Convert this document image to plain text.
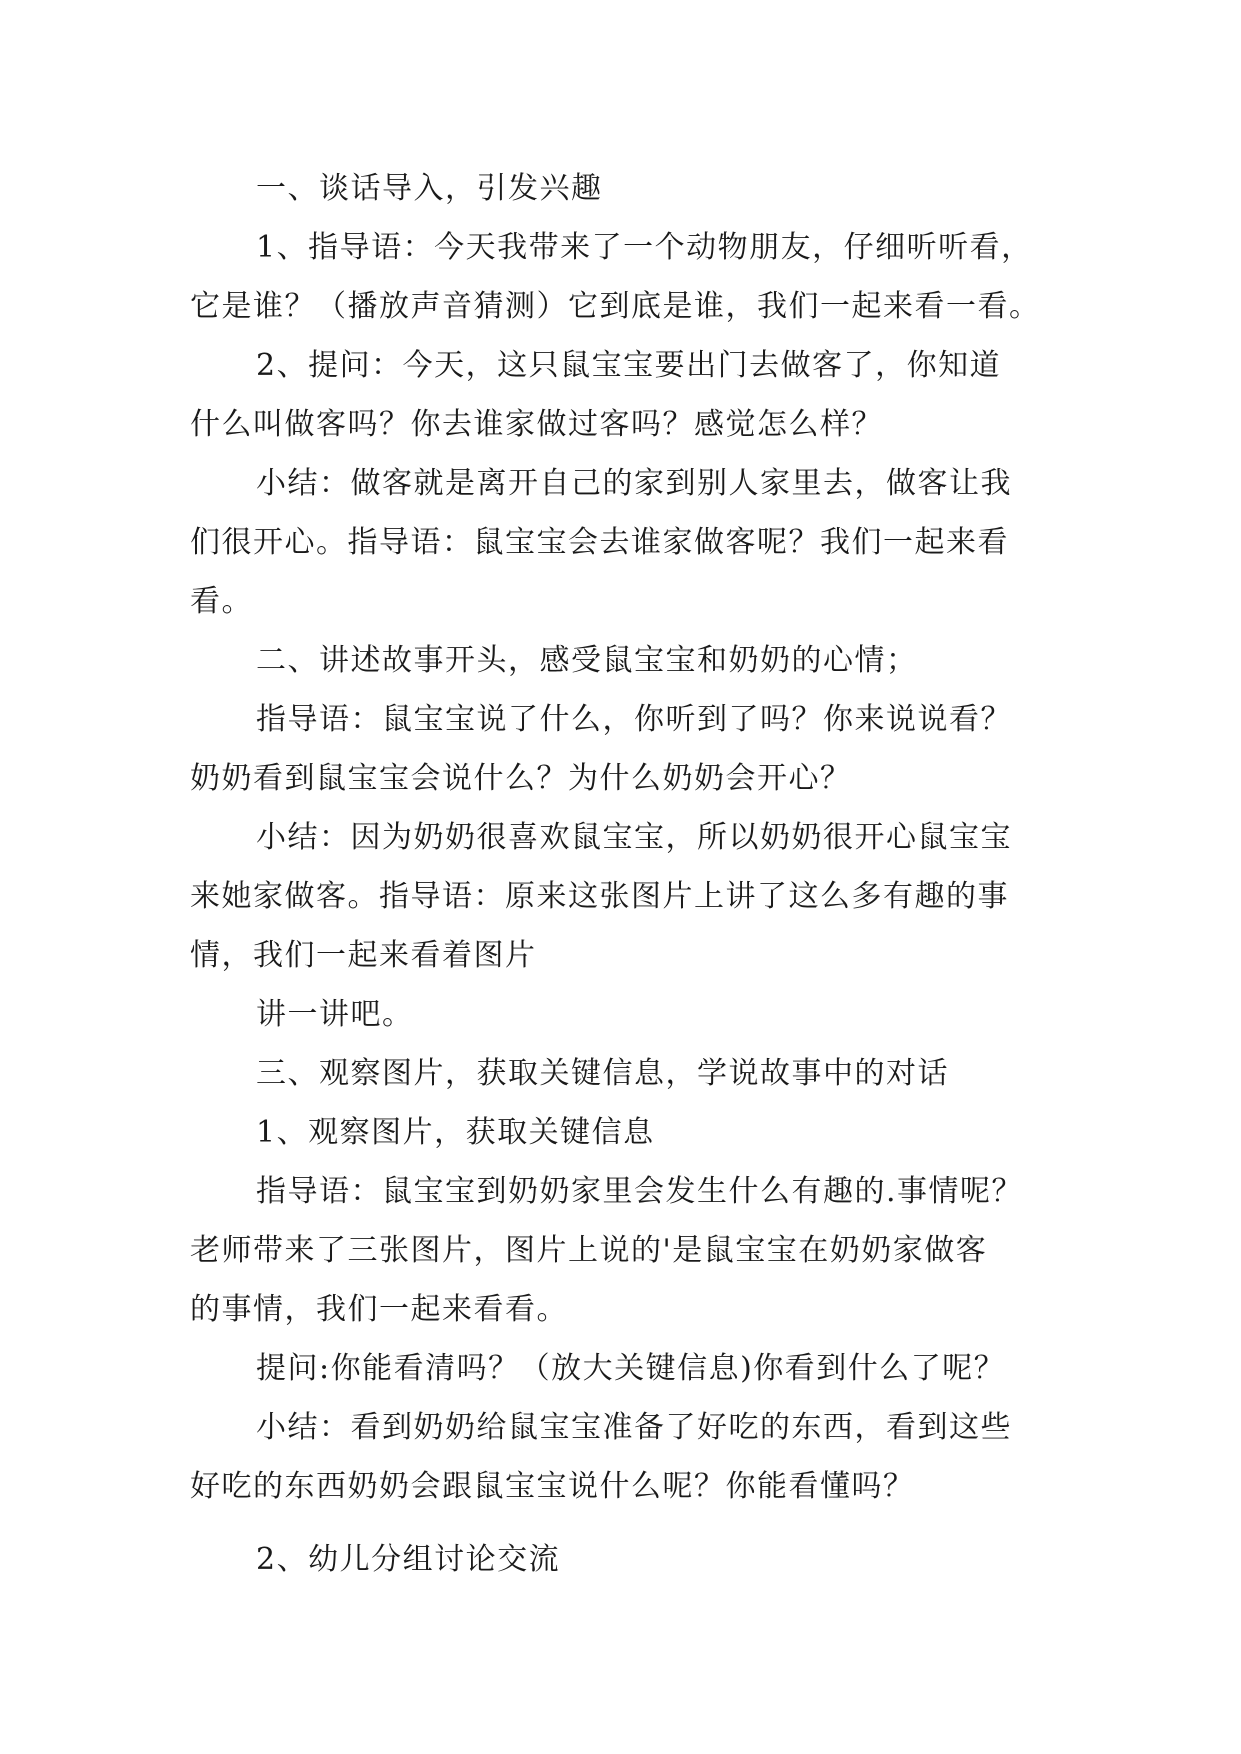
一、谈话导入，引发兴趣
1、指导语：今天我带来了一个动物朋友，仔细听听看，
它是谁？（播放声音猜测）它到底是谁，我们一起来看一看。
2、提问：今天，这只鼠宝宝要出门去做客了，你知道
什么叫做客吗？你去谁家做过客吗？感觉怎么样？
小结：做客就是离开自己的家到别人家里去，做客让我
们很开心。指导语：鼠宝宝会去谁家做客呢？我们一起来看
看。
二、讲述故事开头，感受鼠宝宝和奶奶的心情；
指导语：鼠宝宝说了什么，你听到了吗？你来说说看？
奶奶看到鼠宝宝会说什么？为什么奶奶会开心？
小结：因为奶奶很喜欢鼠宝宝，所以奶奶很开心鼠宝宝
来她家做客。指导语：原来这张图片上讲了这么多有趣的事
情，我们一起来看着图片
讲一讲吧。
三、观察图片，获取关键信息，学说故事中的对话
1、观察图片，获取关键信息
指导语：鼠宝宝到奶奶家里会发生什么有趣的.事情呢？
老师带来了三张图片，图片上说的'是鼠宝宝在奶奶家做客
的事情，我们一起来看看。
提问:你能看清吗？（放大关键信息)你看到什么了呢？
小结：看到奶奶给鼠宝宝准备了好吃的东西，看到这些
好吃的东西奶奶会跟鼠宝宝说什么呢？你能看懂吗？
2、幼儿分组讨论交流
